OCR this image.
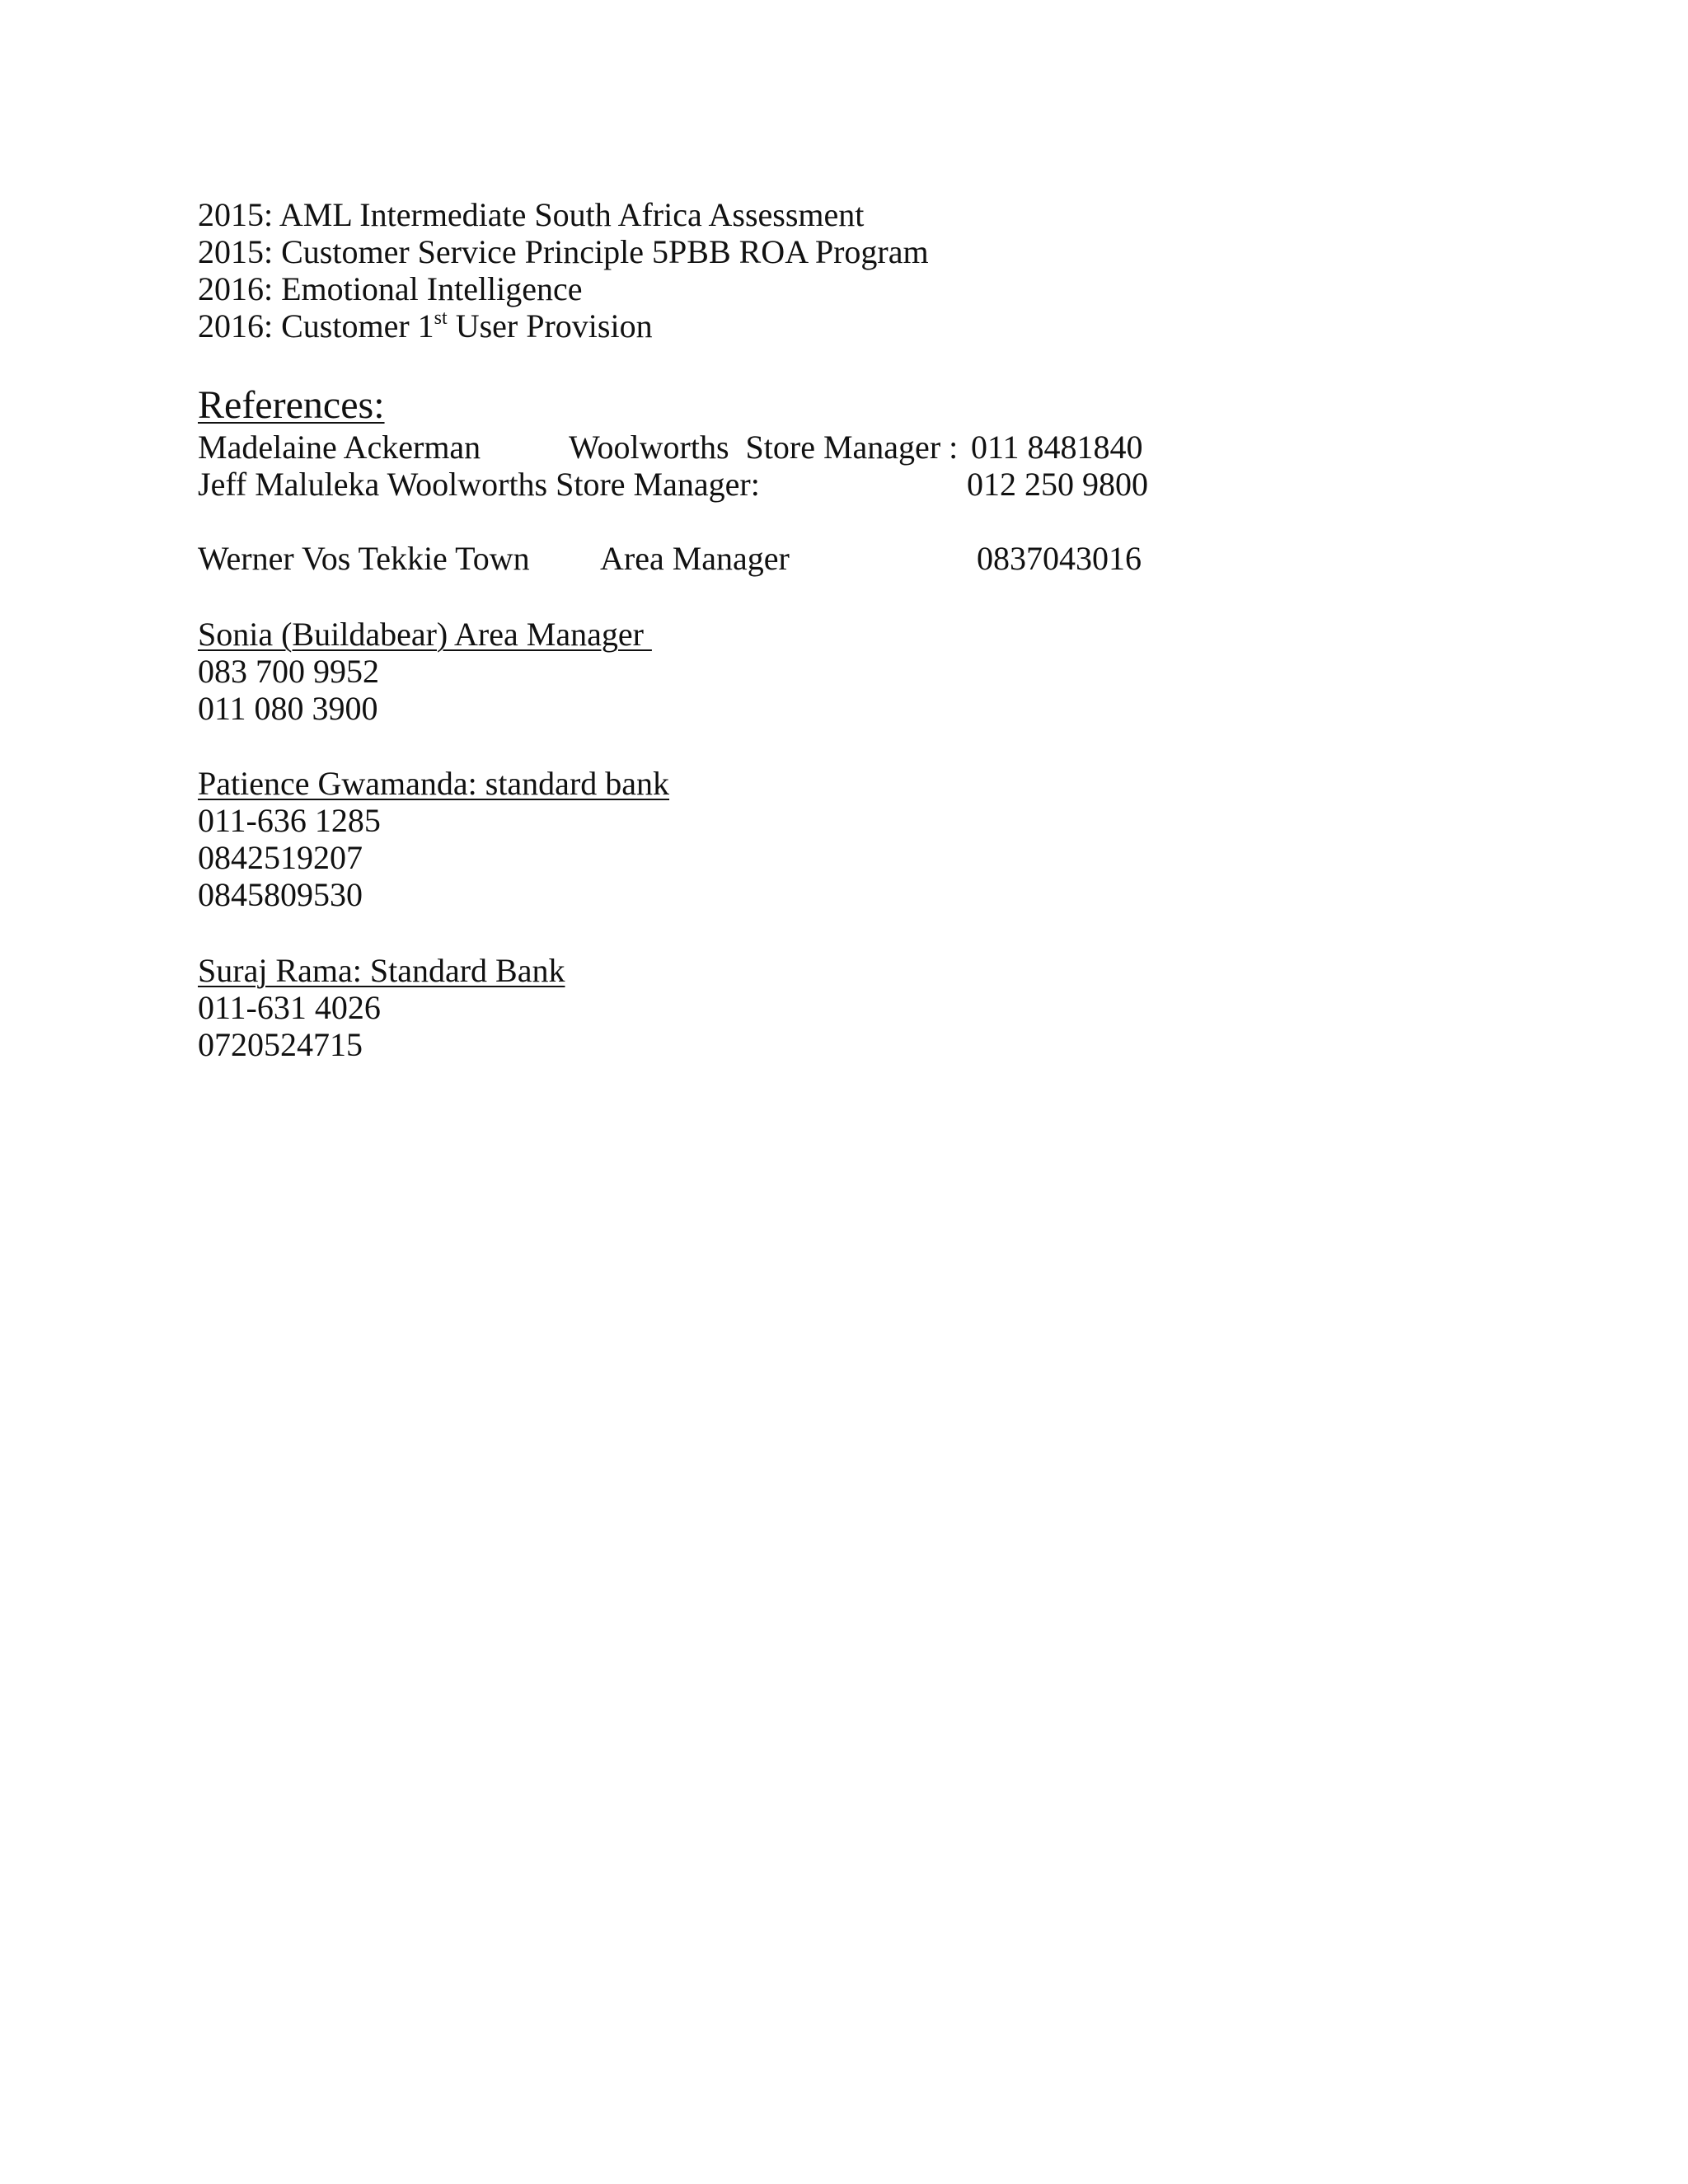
2015: AML Intermediate South Africa Assessment
2015: Customer Service Principle 5PBB ROA Program
2016: Emotional Intelligence
2016: Customer 1st User Provision
References:
Madelaine Ackerman	Woolworths  Store Manager : 011 8481840
Jeff Maluleka Woolworths Store Manager:	012 250 9800
Werner Vos Tekkie Town Area Manager	0837043016
Sonia (Buildabear) Area Manager
083 700 9952
011 080 3900
Patience Gwamanda: standard bank
011-636 1285
0842519207
0845809530
Suraj Rama: Standard Bank
011-631 4026
0720524715
